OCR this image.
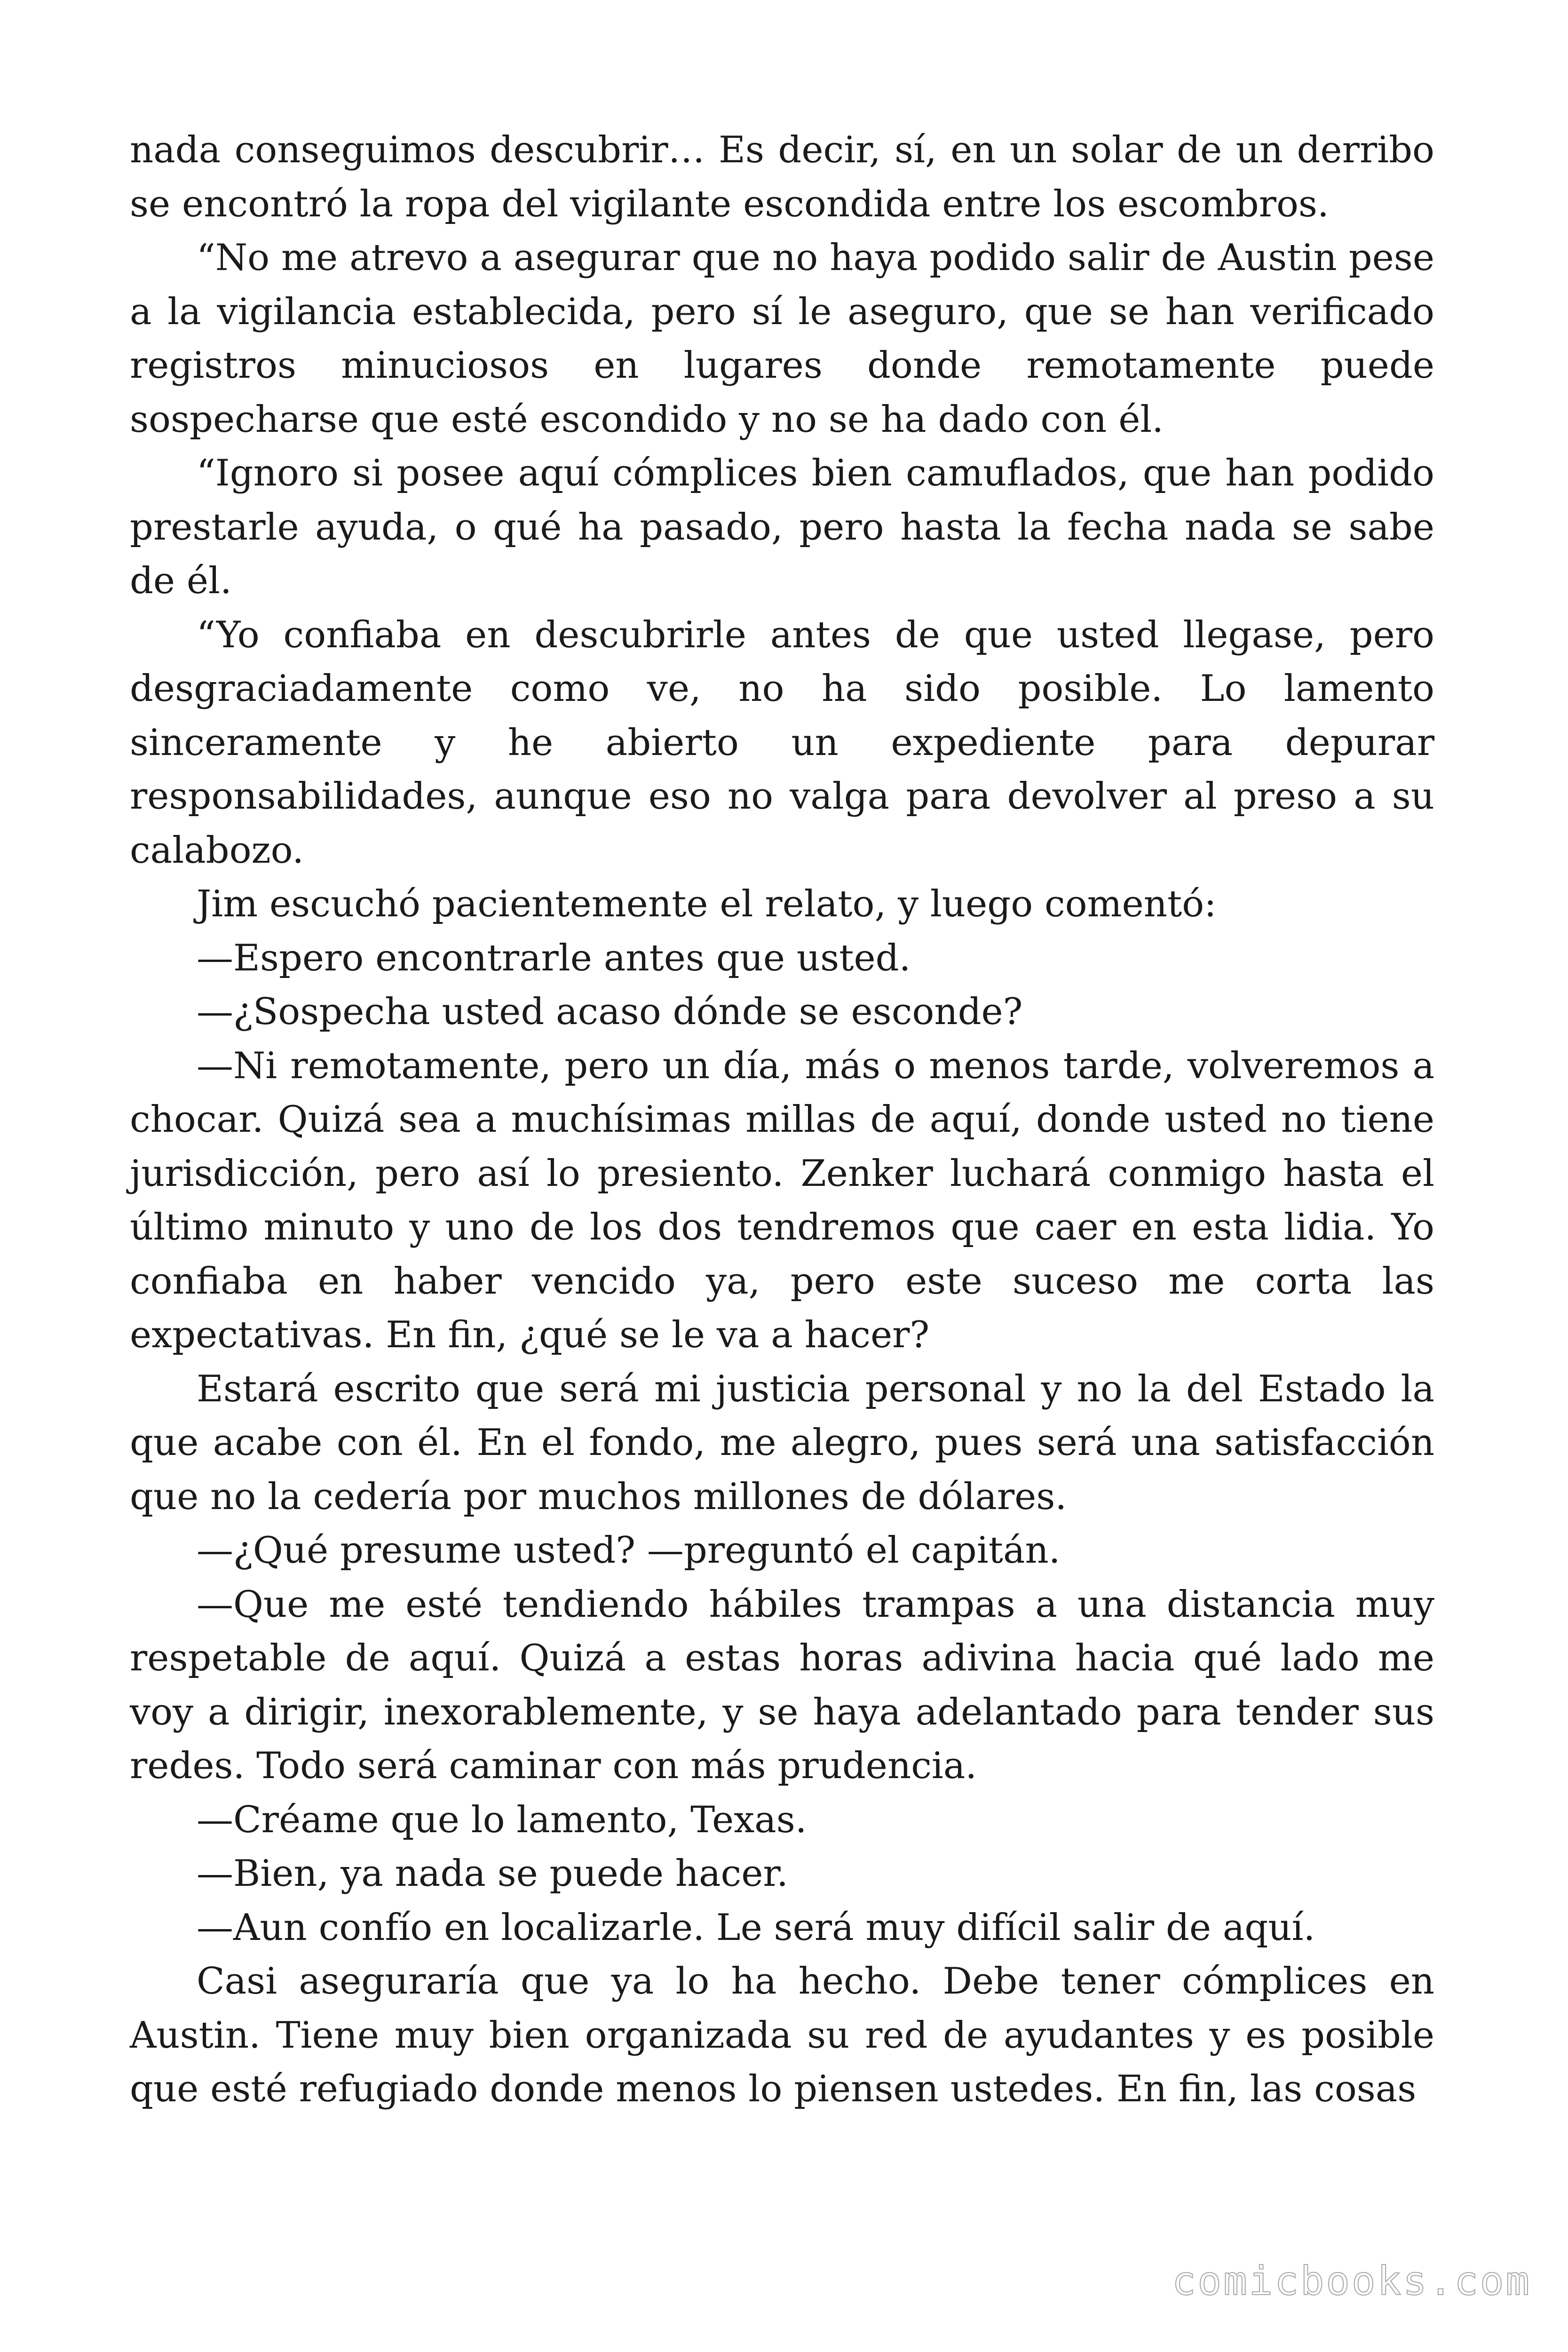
nada conseguimos descubrir… Es decir, sí, en un solar de un derribo se encontró la ropa del vigilante escondida entre los escombros.

“No me atrevo a asegurar que no haya podido salir de Austin pese a la vigilancia establecida, pero sí le aseguro, que se han verificado registros minuciosos en lugares donde remotamente puede sospecharse que esté escondido y no se ha dado con él.

“Ignoro si posee aquí cómplices bien camuflados, que han podido prestarle ayuda, o qué ha pasado, pero hasta la fecha nada se sabe de él.

“Yo confiaba en descubrirle antes de que usted llegase, pero desgraciadamente como ve, no ha sido posible. Lo lamento sinceramente y he abierto un expediente para depurar responsabilidades, aunque eso no valga para devolver al preso a su calabozo.

Jim escuchó pacientemente el relato, y luego comentó:

—Espero encontrarle antes que usted.

—¿Sospecha usted acaso dónde se esconde?

—Ni remotamente, pero un día, más o menos tarde, volveremos a chocar. Quizá sea a muchísimas millas de aquí, donde usted no tiene jurisdicción, pero así lo presiento. Zenker luchará conmigo hasta el último minuto y uno de los dos tendremos que caer en esta lidia. Yo confiaba en haber vencido ya, pero este suceso me corta las expectativas. En fin, ¿qué se le va a hacer?

Estará escrito que será mi justicia personal y no la del Estado la que acabe con él. En el fondo, me alegro, pues será una satisfacción que no la cedería por muchos millones de dólares.

—¿Qué presume usted? —preguntó el capitán.

—Que me esté tendiendo hábiles trampas a una distancia muy respetable de aquí. Quizá a estas horas adivina hacia qué lado me voy a dirigir, inexorablemente, y se haya adelantado para tender sus redes. Todo será caminar con más prudencia.

—Créame que lo lamento, Texas.

—Bien, ya nada se puede hacer.

—Aun confío en localizarle. Le será muy difícil salir de aquí.

Casi aseguraría que ya lo ha hecho. Debe tener cómplices en Austin. Tiene muy bien organizada su red de ayudantes y es posible que esté refugiado donde menos lo piensen ustedes. En fin, las cosas

comicbooks.com
